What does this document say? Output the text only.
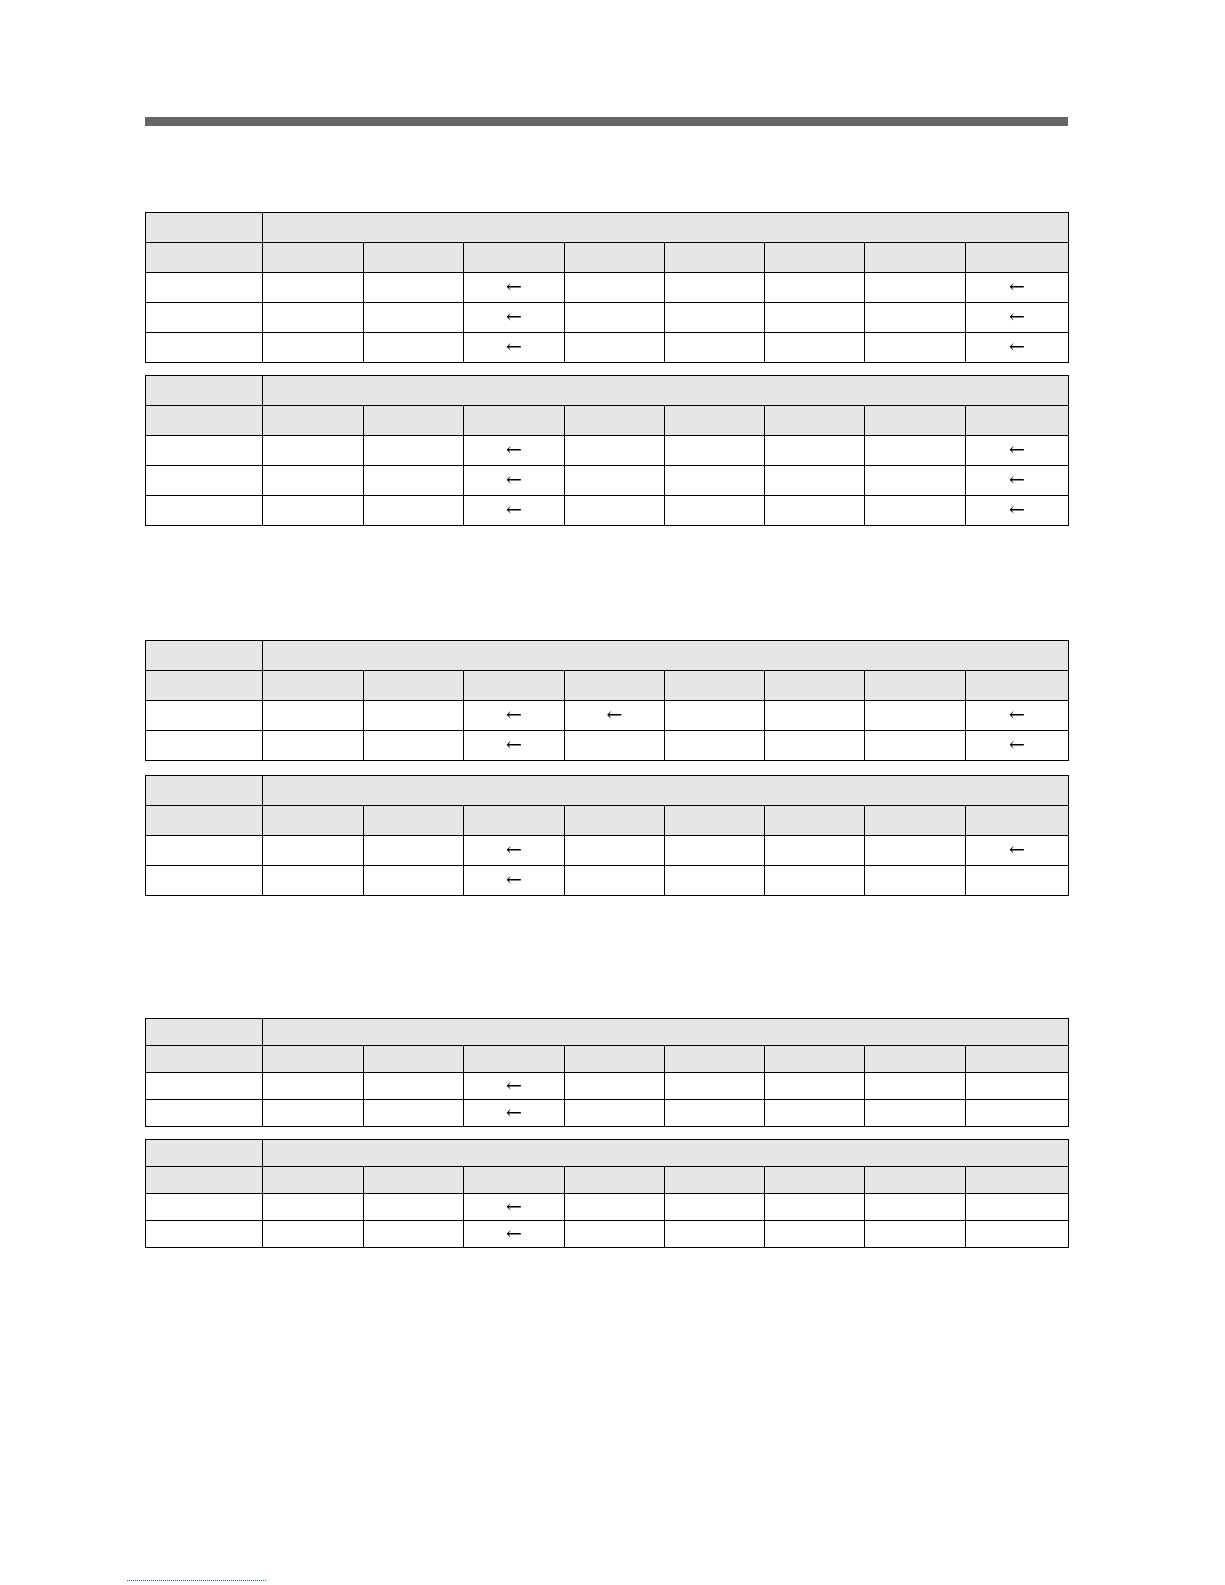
			←					←
			←					←
			←					←

			←					←
			←					←
			←					←

			←	←				←
			←					←

			←					←
			←					

			←					
			←					

			←					
			←					
